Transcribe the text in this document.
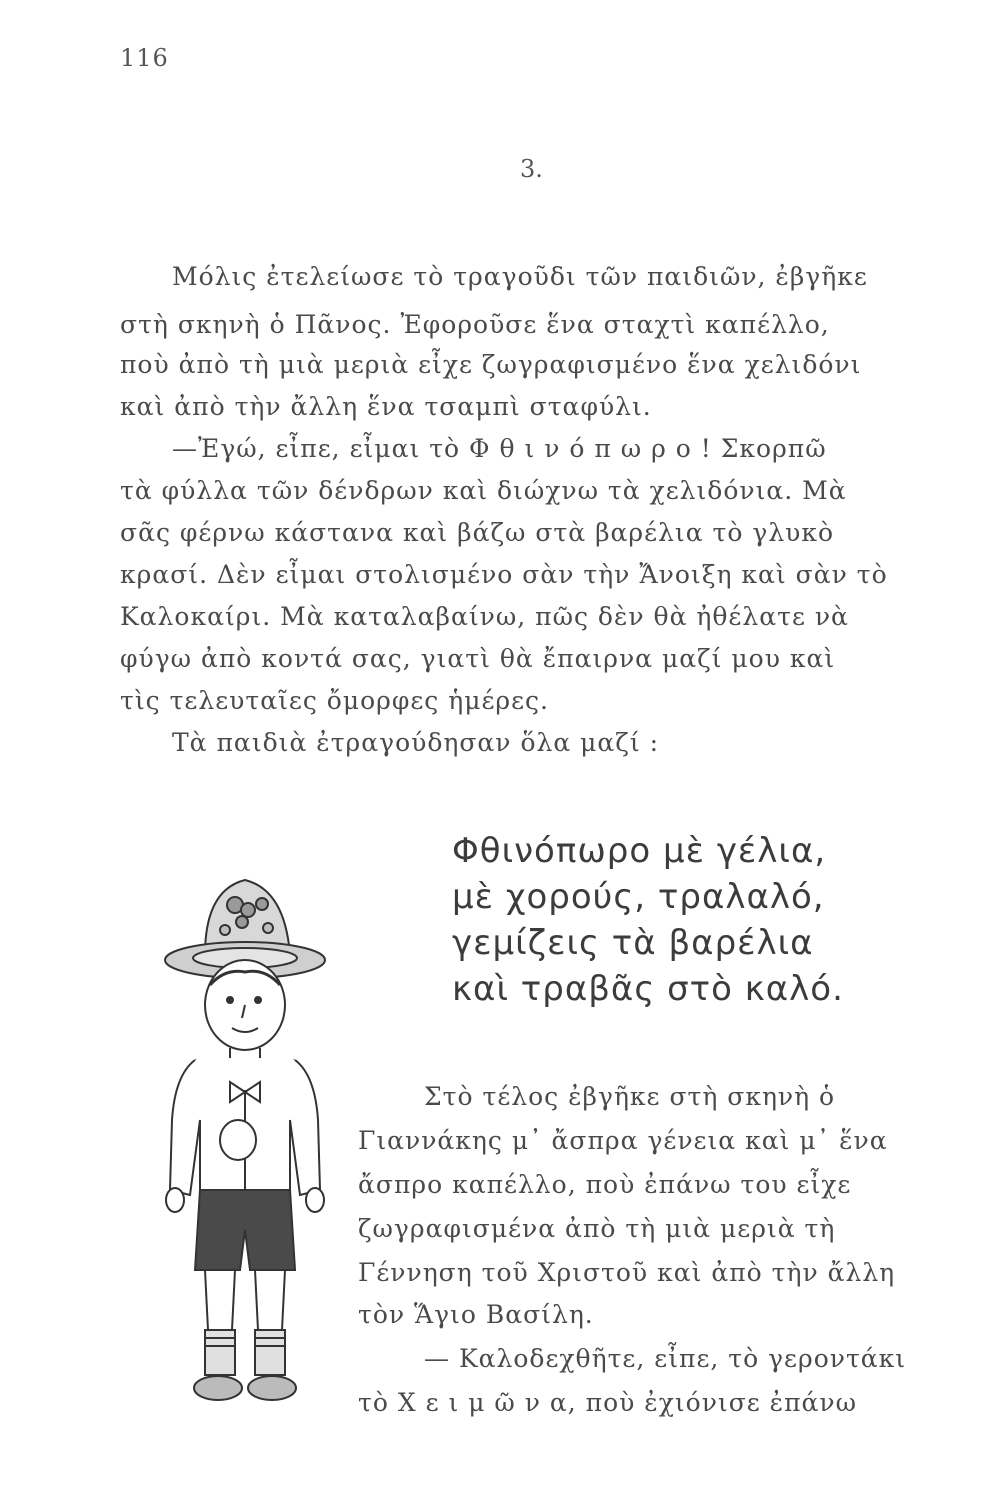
116
3.

Μόλις ἐτελείωσε τὸ τραγοῦδι τῶν παιδιῶν, ἐβγῆκε

στὴ σκηνὴ ὁ Πᾶνος. Ἐφοροῦσε ἕνα σταχτὶ καπέλλο,

ποὺ ἀπὸ τὴ μιὰ μεριὰ εἶχε ζωγραφισμένο ἕνα χελιδόνι

καὶ ἀπὸ τὴν ἄλλη ἕνα τσαμπὶ σταφύλι.

—Ἐγώ, εἶπε, εἶμαι τὸ Φ θ ι ν ό π ω ρ ο ! Σκορπῶ

τὰ φύλλα τῶν δένδρων καὶ διώχνω τὰ χελιδόνια. Μὰ

σᾶς φέρνω κάστανα καὶ βάζω στὰ βαρέλια τὸ γλυκὸ

κρασί. Δὲν εἶμαι στολισμένο σὰν τὴν Ἄνοιξη καὶ σὰν τὸ

Καλοκαίρι. Μὰ καταλαβαίνω, πῶς δὲν θὰ ἠθέλατε νὰ

φύγω ἀπὸ κοντά σας, γιατὶ θὰ ἔπαιρνα μαζί μου καὶ

τὶς τελευταῖες ὄμορφες ἡμέρες.

Τὰ παιδιὰ ἐτραγούδησαν ὅλα μαζί :

Φθινόπωρο μὲ γέλια,
μὲ χορούς, τραλαλό,
γεμίζεις τὰ βαρέλια
καὶ τραβᾶς στὸ καλό.

Στὸ τέλος ἐβγῆκε στὴ σκηνὴ ὁ

Γιαννάκης μ᾽ ἄσπρα γένεια καὶ μ᾽ ἕνα

ἄσπρο καπέλλο, ποὺ ἐπάνω του εἶχε

ζωγραφισμένα ἀπὸ τὴ μιὰ μεριὰ τὴ

Γέννηση τοῦ Χριστοῦ καὶ ἀπὸ τὴν ἄλλη

τὸν Ἅγιο Βασίλη.

— Καλοδεχθῆτε, εἶπε, τὸ γεροντάκι

τὸ Χ ε ι μ ῶ ν α, ποὺ ἐχιόνισε ἐπάνω
